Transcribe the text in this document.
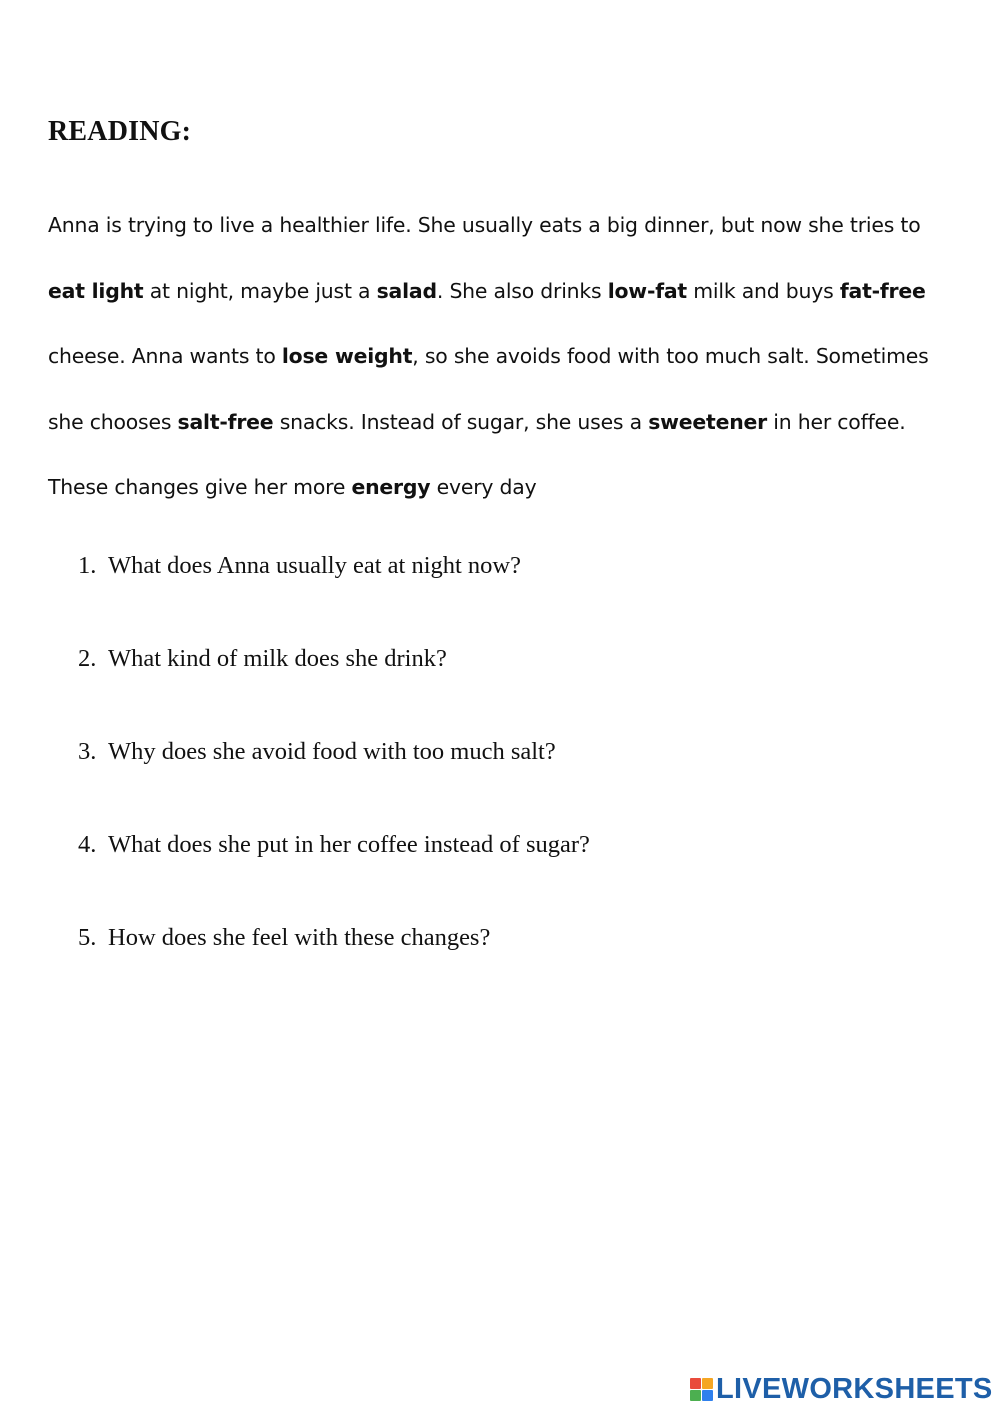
READING:

Anna is trying to live a healthier life. She usually eats a big dinner, but now she tries to eat light at night, maybe just a salad. She also drinks low-fat milk and buys fat-free cheese. Anna wants to lose weight, so she avoids food with too much salt. Sometimes she chooses salt-free snacks. Instead of sugar, she uses a sweetener in her coffee. These changes give her more energy every day

1. What does Anna usually eat at night now?
2. What kind of milk does she drink?
3. Why does she avoid food with too much salt?
4. What does she put in her coffee instead of sugar?
5. How does she feel with these changes?
LIVEWORKSHEETS
